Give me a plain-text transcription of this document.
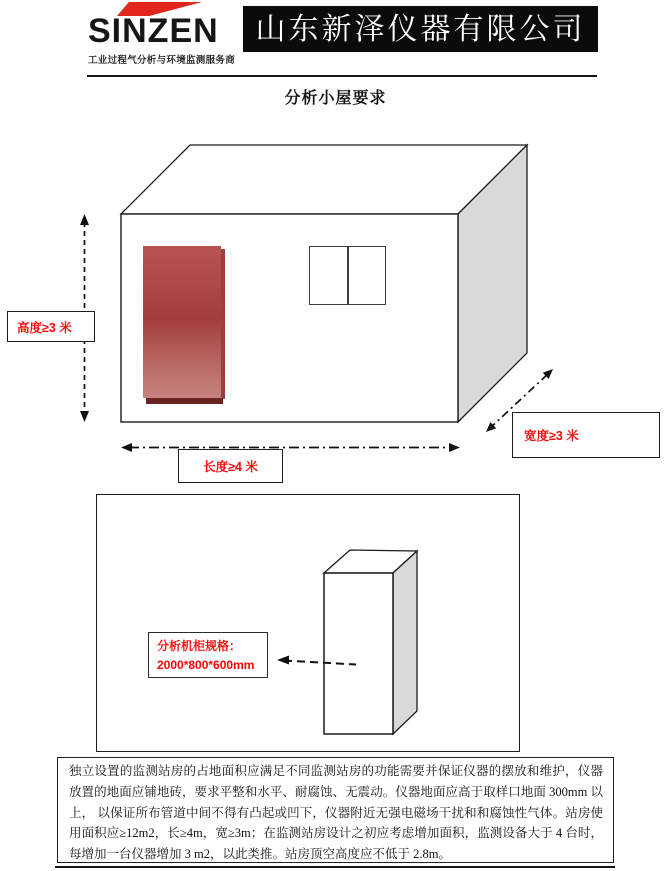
SINZEN
工业过程气分析与环境监测服务商
山东新泽仪器有限公司
分析小屋要求
高度≥3 米
长度≥4 米
宽度≥3 米
分析机柜规格：
2000*800*600mm
独立设置的监测站房的占地面积应满足不同监测站房的功能需要并保证仪器的摆放和维护，仪器放置的地面应铺地砖，要求平整和水平、耐腐蚀、无震动。仪器地面应高于取样口地面 300mm 以上， 以保证所布管道中间不得有凸起或凹下，仪器附近无强电磁场干扰和和腐蚀性气体。站房使用面积应≥12m2，长≥4m，宽≥3m；在监测站房设计之初应考虑增加面积，监测设备大于 4 台时， 每增加一台仪器增加 3 m2，以此类推。站房顶空高度应不低于 2.8m。
